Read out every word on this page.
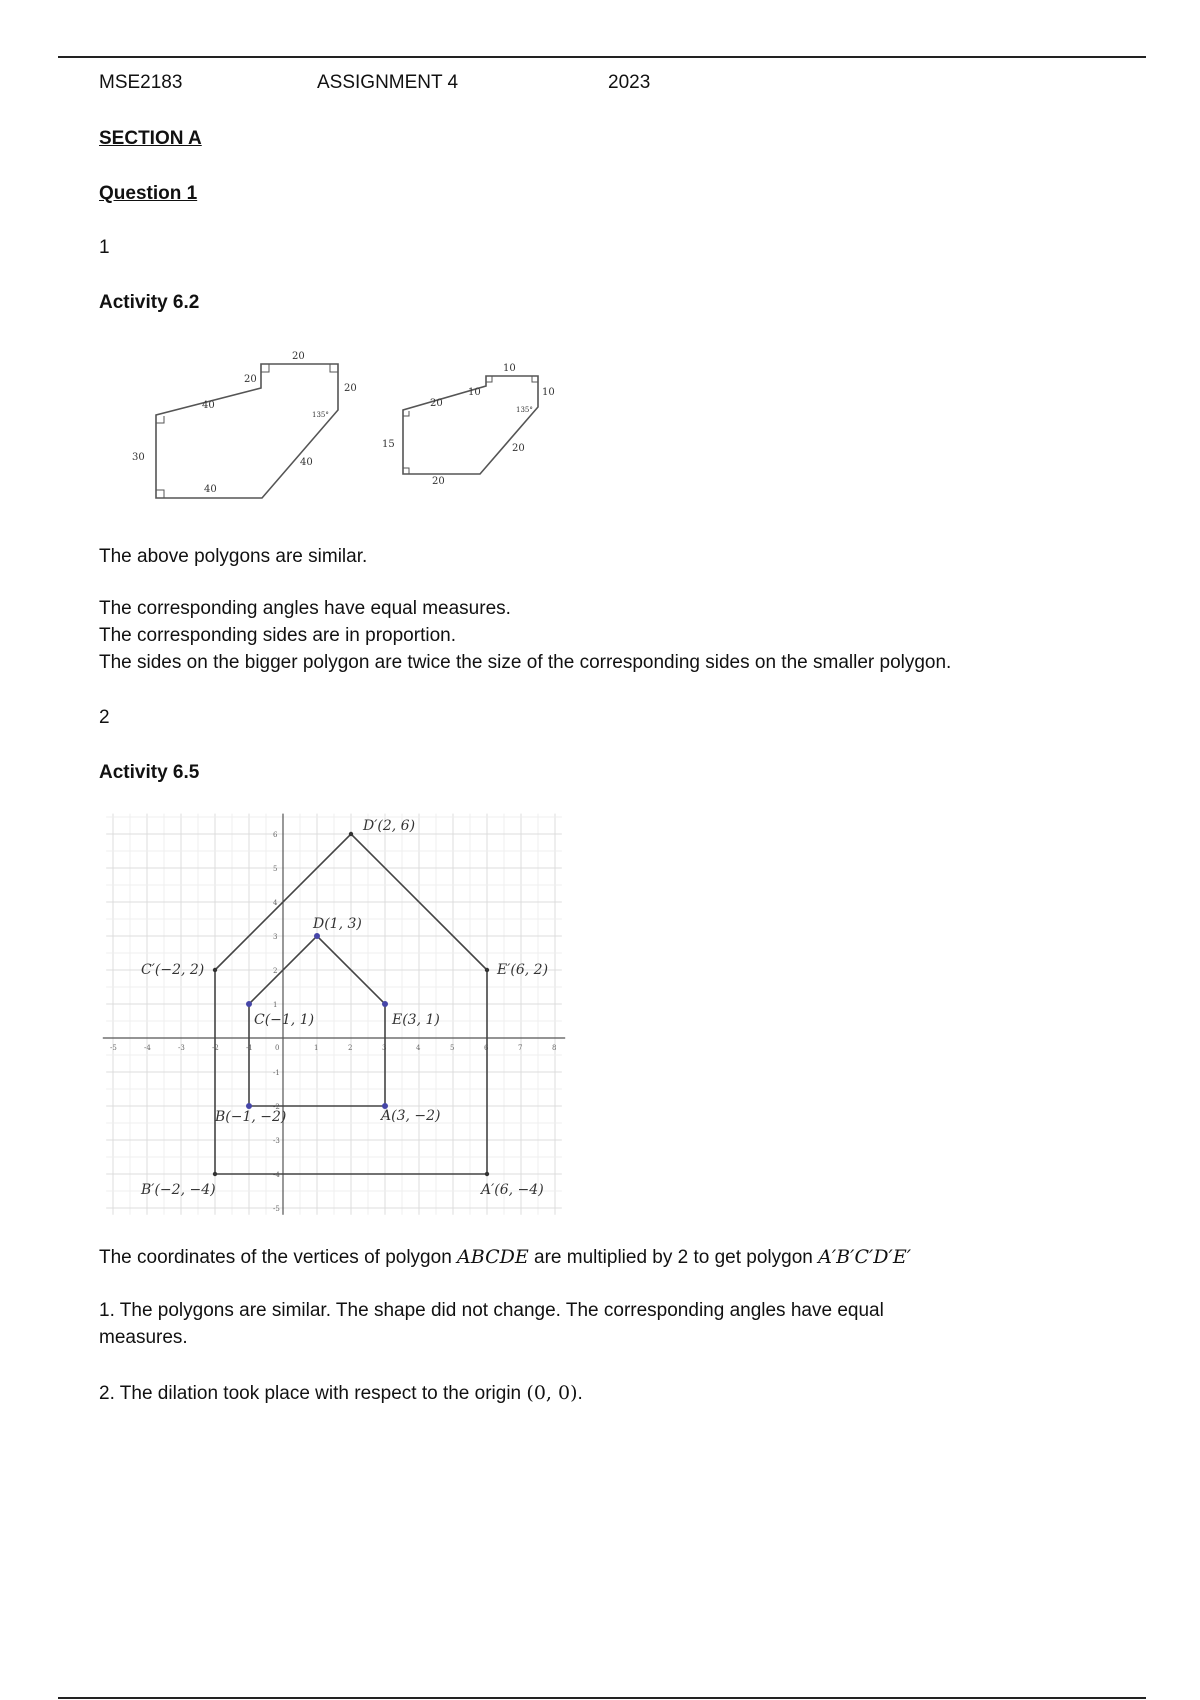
MSE2183	ASSIGNMENT 4	2023
SECTION A
Question 1
1
Activity 6.2
20
20
20
40
30
40
40
135°
10
10	10
20
15
20
20
135°
The above polygons are similar.
The corresponding angles have equal measures.
The corresponding sides are in proportion.
The sides on the bigger polygon are twice the size of the corresponding sides on the smaller polygon.
2
Activity 6.5
-5	-4	-3	-2	-1	1	2	3	4	5	6	7	8
0
6
5
4
3
2
1
-1
-2
-3
-4
-5
A′(6, −4)
B′(−2, −4)
C′(−2, 2)
D′(2, 6)
E′(6, 2)
A(3, −2)
B(−1, −2)
C(−1, 1)
D(1, 3)
E(3, 1)
The coordinates of the vertices of polygon ABCDE are multiplied by 2 to get polygon A′B′C′D′E′
1. The polygons are similar. The shape did not change. The corresponding angles have equal
measures.
2. The dilation took place with respect to the origin (0, 0).
